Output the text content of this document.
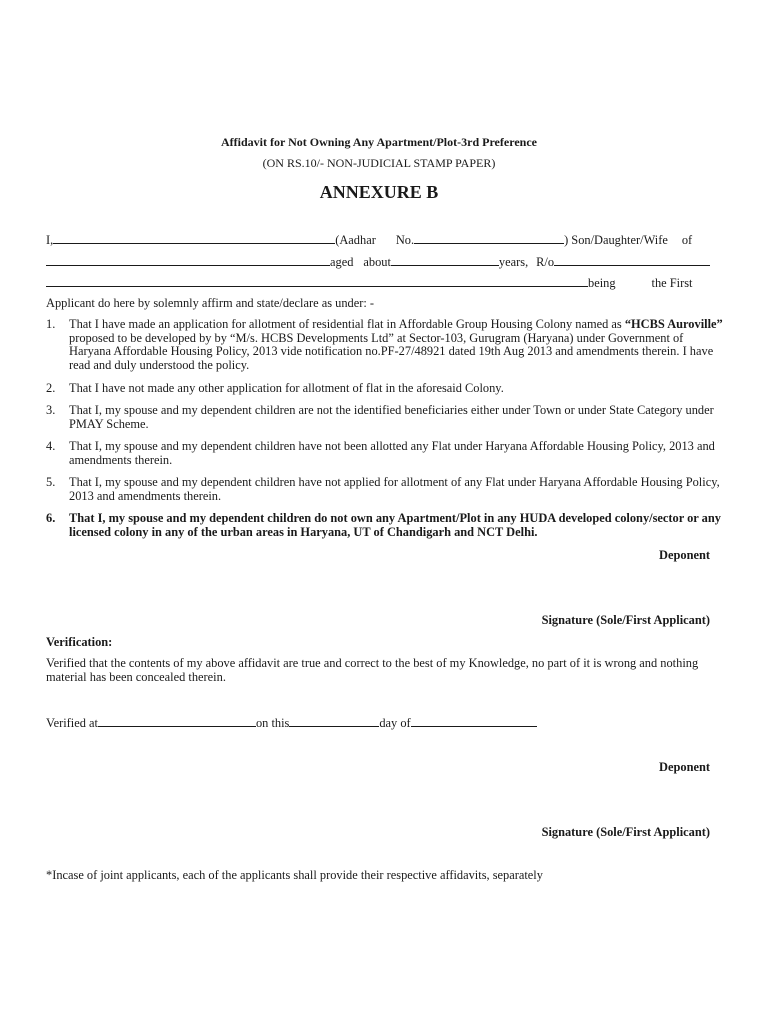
Affidavit for Not Owning Any Apartment/Plot-3rd Preference
(ON RS.10/- NON-JUDICIAL STAMP PAPER)
ANNEXURE B
I,	(Aadhar No.	) Son/Daughter/Wife of
aged about	years, R/o
being	the First
Applicant do here by solemnly affirm and state/declare as under: -
1. That I have made an application for allotment of residential flat in Affordable Group Housing Colony named as “HCBS Auroville” proposed to be developed by by “M/s. HCBS Developments Ltd” at Sector-103, Gurugram (Haryana) under Government of Haryana Affordable Housing Policy, 2013 vide notification no.PF-27/48921 dated 19th Aug 2013 and amendments therein. I have read and duly understood the policy.
2. That I have not made any other application for allotment of flat in the aforesaid Colony.
3. That I, my spouse and my dependent children are not the identified beneficiaries either under Town or under State Category under PMAY Scheme.
4. That I, my spouse and my dependent children have not been allotted any Flat under Haryana Affordable Housing Policy, 2013 and amendments therein.
5. That I, my spouse and my dependent children have not applied for allotment of any Flat under Haryana Affordable Housing Policy, 2013 and amendments therein.
6. That I, my spouse and my dependent children do not own any Apartment/Plot in any HUDA developed colony/sector or any licensed colony in any of the urban areas in Haryana, UT of Chandigarh and NCT Delhi.
Deponent
Signature (Sole/First Applicant)
Verification:
Verified that the contents of my above affidavit are true and correct to the best of my Knowledge, no part of it is wrong and nothing material has been concealed therein.
Verified at	on this	day of
Deponent
Signature (Sole/First Applicant)
*Incase of joint applicants, each of the applicants shall provide their respective affidavits, separately
